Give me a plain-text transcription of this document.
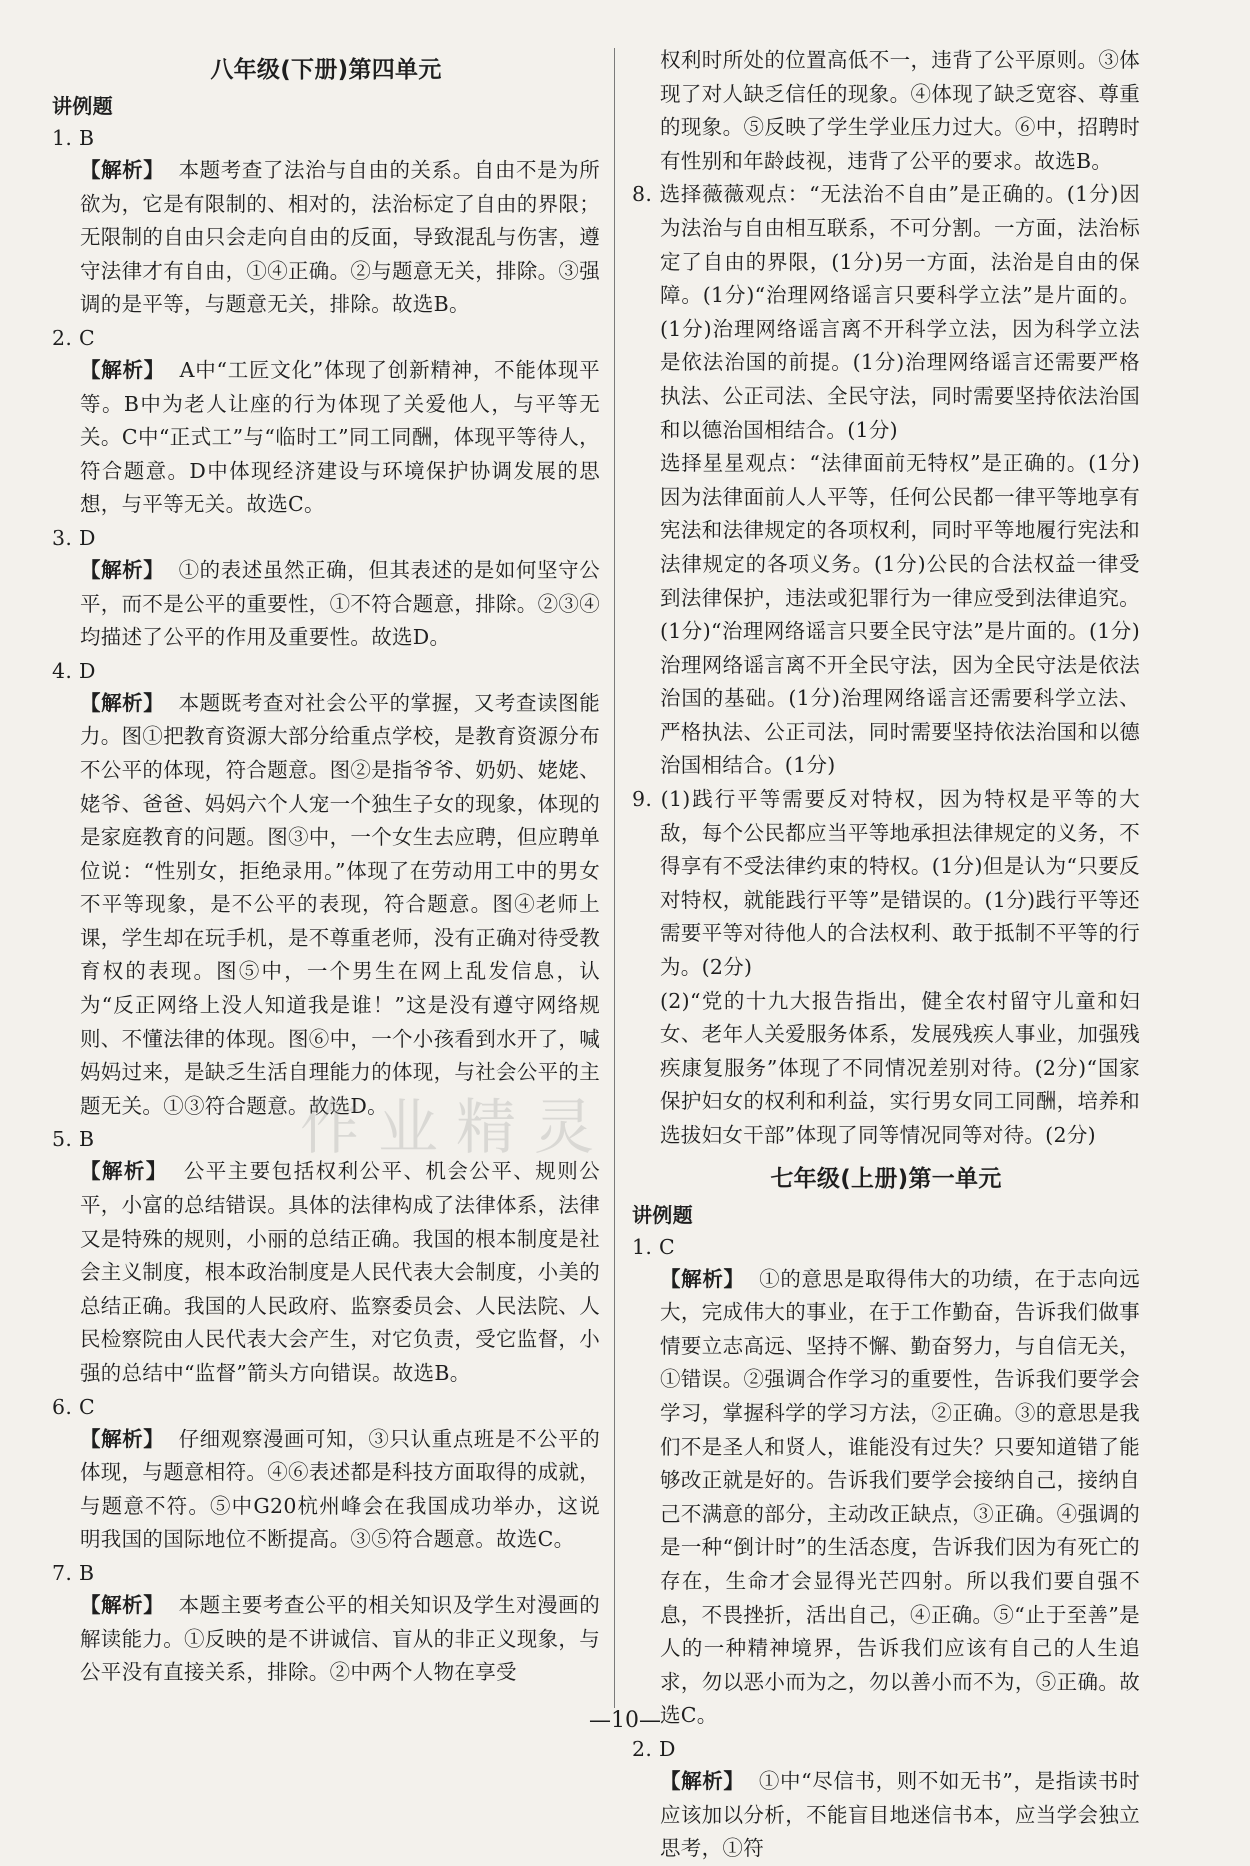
八年级(下册)第四单元
讲例题
1. B
【解析】 本题考查了法治与自由的关系。自由不是为所欲为，它是有限制的、相对的，法治标定了自由的界限；无限制的自由只会走向自由的反面，导致混乱与伤害，遵守法律才有自由，①④正确。②与题意无关，排除。③强调的是平等，与题意无关，排除。故选B。
2. C
【解析】 A中“工匠文化”体现了创新精神，不能体现平等。B中为老人让座的行为体现了关爱他人，与平等无关。C中“正式工”与“临时工”同工同酬，体现平等待人，符合题意。D中体现经济建设与环境保护协调发展的思想，与平等无关。故选C。
3. D
【解析】 ①的表述虽然正确，但其表述的是如何坚守公平，而不是公平的重要性，①不符合题意，排除。②③④均描述了公平的作用及重要性。故选D。
4. D
【解析】 本题既考查对社会公平的掌握，又考查读图能力。图①把教育资源大部分给重点学校，是教育资源分布不公平的体现，符合题意。图②是指爷爷、奶奶、姥姥、姥爷、爸爸、妈妈六个人宠一个独生子女的现象，体现的是家庭教育的问题。图③中，一个女生去应聘，但应聘单位说：“性别女，拒绝录用。”体现了在劳动用工中的男女不平等现象，是不公平的表现，符合题意。图④老师上课，学生却在玩手机，是不尊重老师，没有正确对待受教育权的表现。图⑤中，一个男生在网上乱发信息，认为“反正网络上没人知道我是谁！”这是没有遵守网络规则、不懂法律的体现。图⑥中，一个小孩看到水开了，喊妈妈过来，是缺乏生活自理能力的体现，与社会公平的主题无关。①③符合题意。故选D。
5. B
【解析】 公平主要包括权利公平、机会公平、规则公平，小富的总结错误。具体的法律构成了法律体系，法律又是特殊的规则，小丽的总结正确。我国的根本制度是社会主义制度，根本政治制度是人民代表大会制度，小美的总结正确。我国的人民政府、监察委员会、人民法院、人民检察院由人民代表大会产生，对它负责，受它监督，小强的总结中“监督”箭头方向错误。故选B。
6. C
【解析】 仔细观察漫画可知，③只认重点班是不公平的体现，与题意相符。④⑥表述都是科技方面取得的成就，与题意不符。⑤中G20杭州峰会在我国成功举办，这说明我国的国际地位不断提高。③⑤符合题意。故选C。
7. B
【解析】 本题主要考查公平的相关知识及学生对漫画的解读能力。①反映的是不讲诚信、盲从的非正义现象，与公平没有直接关系，排除。②中两个人物在享受
权利时所处的位置高低不一，违背了公平原则。③体现了对人缺乏信任的现象。④体现了缺乏宽容、尊重的现象。⑤反映了学生学业压力过大。⑥中，招聘时有性别和年龄歧视，违背了公平的要求。故选B。
8. 选择薇薇观点：“无法治不自由”是正确的。(1分)因为法治与自由相互联系，不可分割。一方面，法治标定了自由的界限，(1分)另一方面，法治是自由的保障。(1分)“治理网络谣言只要科学立法”是片面的。(1分)治理网络谣言离不开科学立法，因为科学立法是依法治国的前提。(1分)治理网络谣言还需要严格执法、公正司法、全民守法，同时需要坚持依法治国和以德治国相结合。(1分)
选择星星观点：“法律面前无特权”是正确的。(1分)因为法律面前人人平等，任何公民都一律平等地享有宪法和法律规定的各项权利，同时平等地履行宪法和法律规定的各项义务。(1分)公民的合法权益一律受到法律保护，违法或犯罪行为一律应受到法律追究。(1分)“治理网络谣言只要全民守法”是片面的。(1分)治理网络谣言离不开全民守法，因为全民守法是依法治国的基础。(1分)治理网络谣言还需要科学立法、严格执法、公正司法，同时需要坚持依法治国和以德治国相结合。(1分)
9. (1)践行平等需要反对特权，因为特权是平等的大敌，每个公民都应当平等地承担法律规定的义务，不得享有不受法律约束的特权。(1分)但是认为“只要反对特权，就能践行平等”是错误的。(1分)践行平等还需要平等对待他人的合法权利、敢于抵制不平等的行为。(2分)
(2)“党的十九大报告指出，健全农村留守儿童和妇女、老年人关爱服务体系，发展残疾人事业，加强残疾康复服务”体现了不同情况差别对待。(2分)“国家保护妇女的权利和利益，实行男女同工同酬，培养和选拔妇女干部”体现了同等情况同等对待。(2分)
七年级(上册)第一单元
讲例题
1. C
【解析】 ①的意思是取得伟大的功绩，在于志向远大，完成伟大的事业，在于工作勤奋，告诉我们做事情要立志高远、坚持不懈、勤奋努力，与自信无关，①错误。②强调合作学习的重要性，告诉我们要学会学习，掌握科学的学习方法，②正确。③的意思是我们不是圣人和贤人，谁能没有过失？只要知道错了能够改正就是好的。告诉我们要学会接纳自己，接纳自己不满意的部分，主动改正缺点，③正确。④强调的是一种“倒计时”的生活态度，告诉我们因为有死亡的存在，生命才会显得光芒四射。所以我们要自强不息，不畏挫折，活出自己，④正确。⑤“止于至善”是人的一种精神境界，告诉我们应该有自己的人生追求，勿以恶小而为之，勿以善小而不为，⑤正确。故选C。
2. D
【解析】 ①中“尽信书，则不如无书”，是指读书时应该加以分析，不能盲目地迷信书本，应当学会独立思考，①符
作业精灵
—10—
